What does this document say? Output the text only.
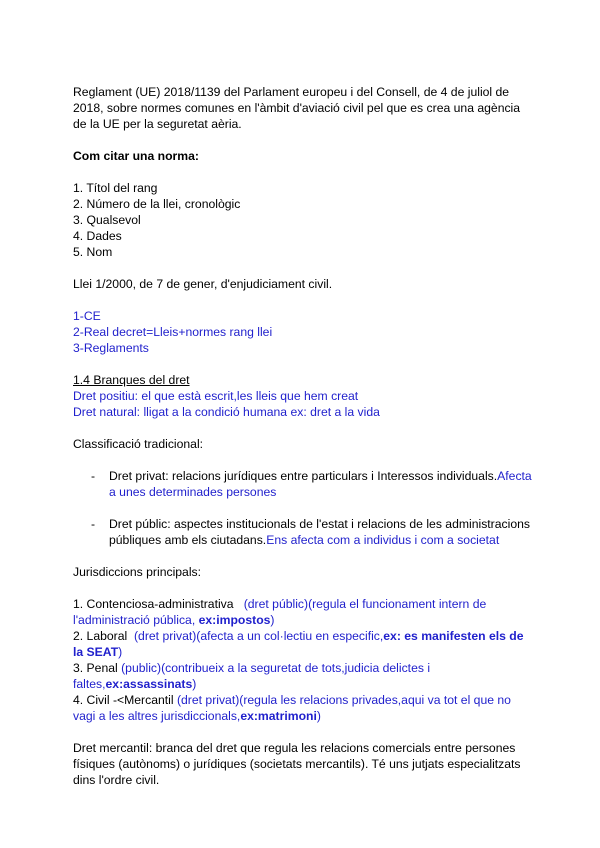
Reglament (UE) 2018/1139 del Parlament europeu i del Consell, de 4 de juliol de 2018, sobre normes comunes en l'àmbit d'aviació civil pel que es crea una agència de la UE per la seguretat aèria.

Com citar una norma:

1. Títol del rang

2. Número de la llei, cronològic

3. Qualsevol

4. Dades

5. Nom

Llei 1/2000, de 7 de gener, d'enjudiciament civil.

1-CE

2-Real decret=Lleis+normes rang llei

3-Reglaments

1.4 Branques del dret

Dret positiu: el que està escrit,les lleis que hem creat

Dret natural: lligat a la condició humana ex: dret a la vida

Classificació tradicional:

- Dret privat: relacions jurídiques entre particulars i Interessos individuals.Afecta a unes determinades persones
- Dret públic: aspectes institucionals de l'estat i relacions de les administracions públiques amb els ciutadans.Ens afecta com a individus i com a societat

Jurisdiccions principals:

1. Contenciosa-administrativa (dret públic)(regula el funcionament intern de l'administració pública, ex:impostos)

2. Laboral (dret privat)(afecta a un col·lectiu en especific,ex: es manifesten els de la SEAT)

3. Penal (public)(contribueix a la seguretat de tots,judicia delictes i faltes,ex:assassinats)

4. Civil -<Mercantil (dret privat)(regula les relacions privades,aqui va tot el que no vagi a les altres jurisdiccionals,ex:matrimoni)

Dret mercantil: branca del dret que regula les relacions comercials entre persones físiques (autònoms) o jurídiques (societats mercantils). Té uns jutjats especialitzats dins l'ordre civil.
